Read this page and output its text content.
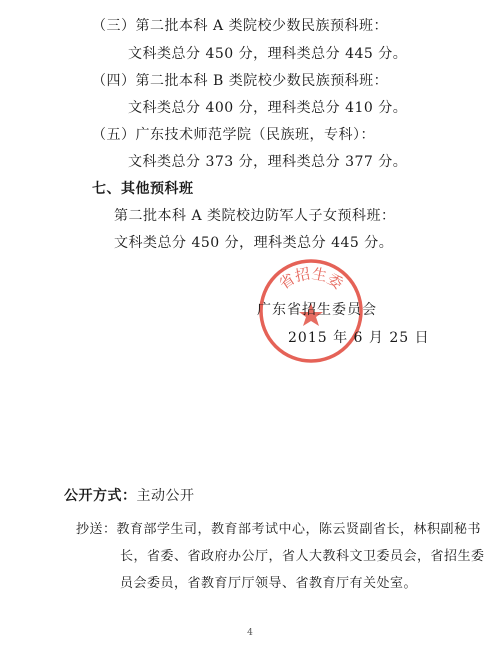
（三）第二批本科 A 类院校少数民族预科班：
文科类总分 450 分，理科类总分 445 分。
（四）第二批本科 B 类院校少数民族预科班：
文科类总分 400 分，理科类总分 410 分。
（五）广东技术师范学院（民族班，专科）：
文科类总分 373 分，理科类总分 377 分。
七、其他预科班
第二批本科 A 类院校边防军人子女预科班：
文科类总分 450 分，理科类总分 445 分。
省招生委
广东省招生委员会
2015 年 6 月 25 日
公开方式：主动公开
抄送：教育部学生司，教育部考试中心，陈云贤副省长，林积副秘书
长，省委、省政府办公厅，省人大教科文卫委员会，省招生委
员会委员，省教育厅厅领导、省教育厅有关处室。
4
